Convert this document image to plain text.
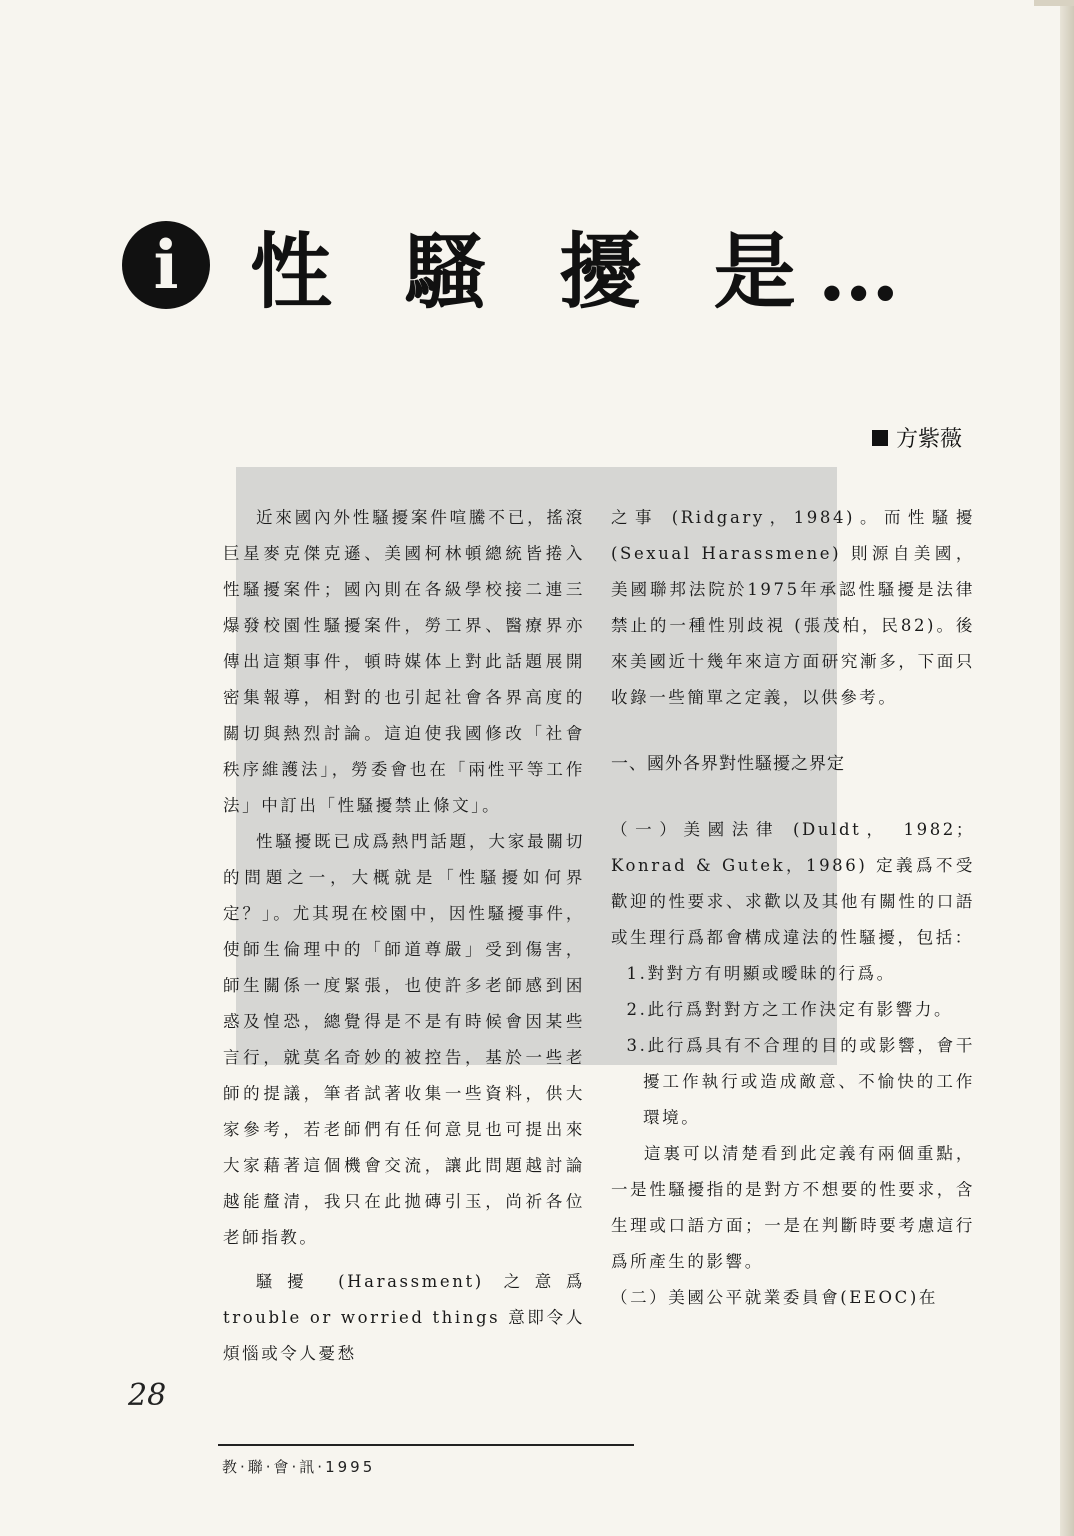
i 性 騷 擾 是…
方紫薇

近來國內外性騷擾案件喧騰不已，搖滾巨星麥克傑克遜、美國柯林頓總統皆捲入性騷擾案件；國內則在各級學校接二連三爆發校園性騷擾案件，勞工界、醫療界亦傳出這類事件，頓時媒体上對此話題展開密集報導，相對的也引起社會各界高度的關切與熱烈討論。這迫使我國修改「社會秩序維護法」，勞委會也在「兩性平等工作法」中訂出「性騷擾禁止條文」。

性騷擾既已成爲熱門話題，大家最關切的問題之一，大概就是「性騷擾如何界定？」。尤其現在校園中，因性騷擾事件，使師生倫理中的「師道尊嚴」受到傷害，師生關係一度緊張，也使許多老師感到困惑及惶恐，總覺得是不是有時候會因某些言行，就莫名奇妙的被控告，基於一些老師的提議，筆者試著收集一些資料，供大家參考，若老師們有任何意見也可提出來大家藉著這個機會交流，讓此問題越討論越能釐清，我只在此拋磚引玉，尚祈各位老師指教。

騷擾 (Harassment) 之意爲 trouble or worried things 意即令人煩惱或令人憂愁

之事 (Ridgary，1984)。而性騷擾 (Sexual Harassmene) 則源自美國，美國聯邦法院於1975年承認性騷擾是法律禁止的一種性別歧視 (張茂柏，民82)。後來美國近十幾年來這方面研究漸多，下面只收錄一些簡單之定義，以供參考。

一、國外各界對性騷擾之界定

（一）美國法律 (Duldt， 1982； Konrad & Gutek，1986) 定義爲不受歡迎的性要求、求歡以及其他有關性的口語或生理行爲都會構成違法的性騷擾，包括：

1.對對方有明顯或曖昧的行爲。

2.此行爲對對方之工作決定有影響力。

3.此行爲具有不合理的目的或影響，會干擾工作執行或造成敵意、不愉快的工作環境。

這裏可以清楚看到此定義有兩個重點，一是性騷擾指的是對方不想要的性要求，含生理或口語方面；一是在判斷時要考慮這行爲所產生的影響。

（二）美國公平就業委員會(EEOC)在

28
教·聯·會·訊·1995
